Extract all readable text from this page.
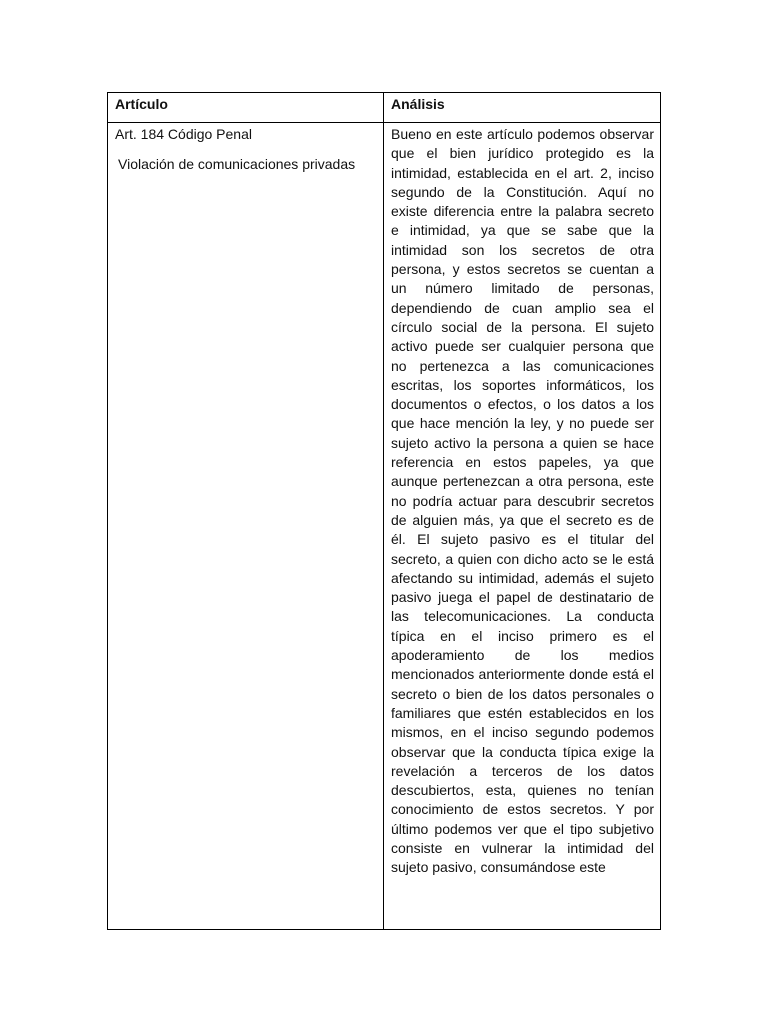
Artículo	Análisis

Art. 184 Código Penal

Violación de comunicaciones privadas	Bueno en este artículo podemos observar que el bien jurídico protegido es la intimidad, establecida en el art. 2, inciso segundo de la Constitución. Aquí no existe diferencia entre la palabra secreto e intimidad, ya que se sabe que la intimidad son los secretos de otra persona, y estos secretos se cuentan a un número limitado de personas, dependiendo de cuan amplio sea el círculo social de la persona. El sujeto activo puede ser cualquier persona que no pertenezca a las comunicaciones escritas, los soportes informáticos, los documentos o efectos, o los datos a los que hace mención la ley, y no puede ser sujeto activo la persona a quien se hace referencia en estos papeles, ya que aunque pertenezcan a otra persona, este no podría actuar para descubrir secretos de alguien más, ya que el secreto es de él. El sujeto pasivo es el titular del secreto, a quien con dicho acto se le está afectando su intimidad, además el sujeto pasivo juega el papel de destinatario de las telecomunicaciones. La conducta típica en el inciso primero es el apoderamiento de los medios mencionados anteriormente donde está el secreto o bien de los datos personales o familiares que estén establecidos en los mismos, en el inciso segundo podemos observar que la conducta típica exige la revelación a terceros de los datos descubiertos, esta, quienes no tenían conocimiento de estos secretos. Y por último podemos ver que el tipo subjetivo consiste en vulnerar la intimidad del sujeto pasivo, consumándose este
